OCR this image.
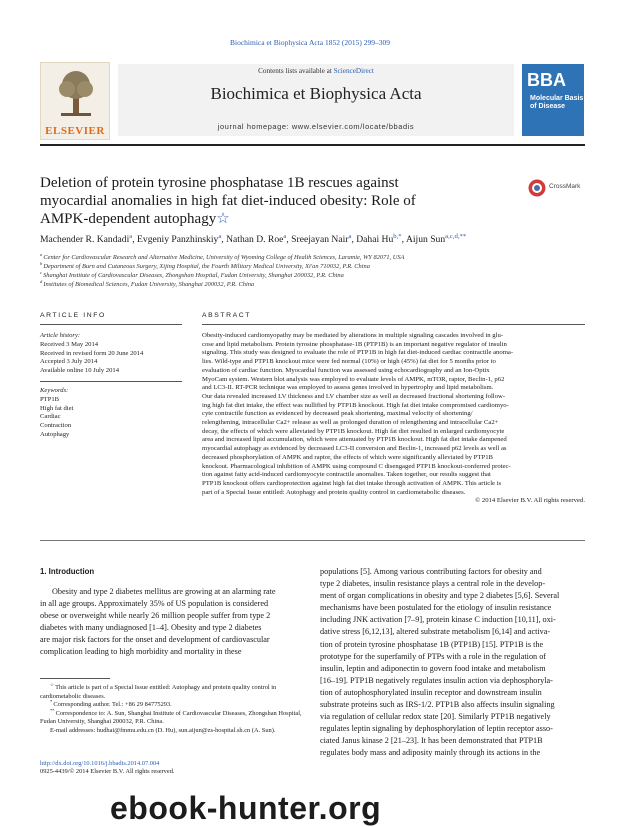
Biochimica et Biophysica Acta 1852 (2015) 299–309
ELSEVIER
Contents lists available at ScienceDirect
Biochimica et Biophysica Acta
journal homepage: www.elsevier.com/locate/bbadis
BBA
Molecular Basis of Disease
Deletion of protein tyrosine phosphatase 1B rescues against myocardial anomalies in high fat diet-induced obesity: Role of AMPK-dependent autophagy☆
CrossMark
Machender R. Kandadi$^a$, Evgeniy Panzhinskiy$^a$, Nathan D. Roe$^a$, Sreejayan Nair$^a$, Dahai $Hu^{b,*}$, Aijun Sun$^{a,c,d,**}$
$^a$ Center for Cardiovascular Research and Alternative Medicine, University of Wyoming College of Health Sciences, Laramie, WY 82071, USA
$^b$ Department of Burn and Cutaneous Surgery, Xijing Hospital, the Fourth Military Medical University, Xi'an 710032, P.R. China
$^c$ Shanghai Institute of Cardiovascular Diseases, Zhongshan Hospital, Fudan University, Shanghai 200032, P.R. China
$^d$ Institutes of Biomedical Sciences, Fudan University, Shanghai 200032, P.R. China
ARTICLE INFO
Article history:
Received 3 May 2014
Received in revised form 20 June 2014
Accepted 3 July 2014
Available online 10 July 2014
Keywords:
PTP1B
High fat diet
Cardiac
Contraction
Autophagy
ABSTRACT
Obesity-induced cardiomyopathy may be mediated by alterations in multiple signaling cascades involved in glu-
cose and lipid metabolism. Protein tyrosine phosphatase-1B (PTP1B) is an important negative regulator of insulin
signaling. This study was designed to evaluate the role of PTP1B in high fat diet-induced cardiac contractile anoma-
lies. Wild-type and PTP1B knockout mice were fed normal (10%) or high (45%) fat diet for 5 months prior to
evaluation of cardiac function. Myocardial function was assessed using echocardiography and an Ion-Optix
MyoCam system. Western blot analysis was employed to evaluate levels of AMPK, mTOR, raptor, Beclin-1, p62
and LC3-II. RT-PCR technique was employed to assess genes involved in hypertrophy and lipid metabolism.
Our data revealed increased LV thickness and LV chamber size as well as decreased fractional shortening follow-
ing high fat diet intake, the effect was nullified by PTP1B knockout. High fat diet intake compromised cardiomyo-
cyte contractile function as evidenced by decreased peak shortening, maximal velocity of shortening/
relengthening, intracellular Ca2+ release as well as prolonged duration of relengthening and intracellular Ca2+
decay, the effects of which were alleviated by PTP1B knockout. High fat diet resulted in enlarged cardiomyocyte
area and increased lipid accumulation, which were attenuated by PTP1B knockout. High fat diet intake dampened
myocardial autophagy as evidenced by decreased LC3-II conversion and Beclin-1, increased p62 levels as well as
decreased phosphorylation of AMPK and raptor, the effects of which were significantly alleviated by PTP1B
knockout. Pharmacological inhibition of AMPK using compound C disengaged PTP1B knockout-conferred protec-
tion against fatty acid-induced cardiomyocyte contractile anomalies. Taken together, our results suggest that
PTP1B knockout offers cardioprotection against high fat diet intake through activation of AMPK. This article is
part of a Special Issue entitled: Autophagy and protein quality control in cardiometabolic diseases.
© 2014 Elsevier B.V. All rights reserved.
1. Introduction
Obesity and type 2 diabetes mellitus are growing at an alarming rate
in all age groups. Approximately 35% of US population is considered
obese or overweight while nearly 26 million people suffer from type 2
diabetes with many undiagnosed [1–4]. Obesity and type 2 diabetes
are major risk factors for the onset and development of cardiovascular
complication leading to high morbidity and mortality in these
populations [5]. Among various contributing factors for obesity and
type 2 diabetes, insulin resistance plays a central role in the develop-
ment of organ complications in obesity and type 2 diabetes [5,6]. Several
mechanisms have been postulated for the etiology of insulin resistance
including JNK activation [7–9], protein kinase C induction [10,11], oxi-
dative stress [6,12,13], altered substrate metabolism [6,14] and activa-
tion of protein tyrosine phosphatase 1B (PTP1B) [15]. PTP1B is the
prototype for the superfamily of PTPs with a role in the regulation of
insulin, leptin and adiponectin to govern food intake and metabolism
[16–19]. PTP1B negatively regulates insulin action via dephosphoryla-
tion of autophosphorylated insulin receptor and downstream insulin
substrate proteins such as IRS-1/2. PTP1B also affects insulin signaling
via regulation of cellular redox state [20]. Similarly PTP1B negatively
regulates leptin signaling by dephosphorylation of leptin receptor asso-
ciated Janus kinase 2 [21–23]. It has been demonstrated that PTP1B
regulates body mass and adiposity mainly through its actions in the
☆ This article is part of a Special Issue entitled: Autophagy and protein quality control in cardiometabolic diseases.
* Corresponding author. Tel.: +86 29 84775293.
** Correspondence to: A. Sun, Shanghai Institute of Cardiovascular Diseases, Zhongshan Hospital, Fudan University, Shanghai 200032, P.R. China.
E-mail addresses: hudhai@fmmu.edu.cn (D. Hu), sun.aijun@zs-hospital.sh.cn (A. Sun).
http://dx.doi.org/10.1016/j.bbadis.2014.07.004
0925-4439/© 2014 Elsevier B.V. All rights reserved.
ebook-hunter.org
